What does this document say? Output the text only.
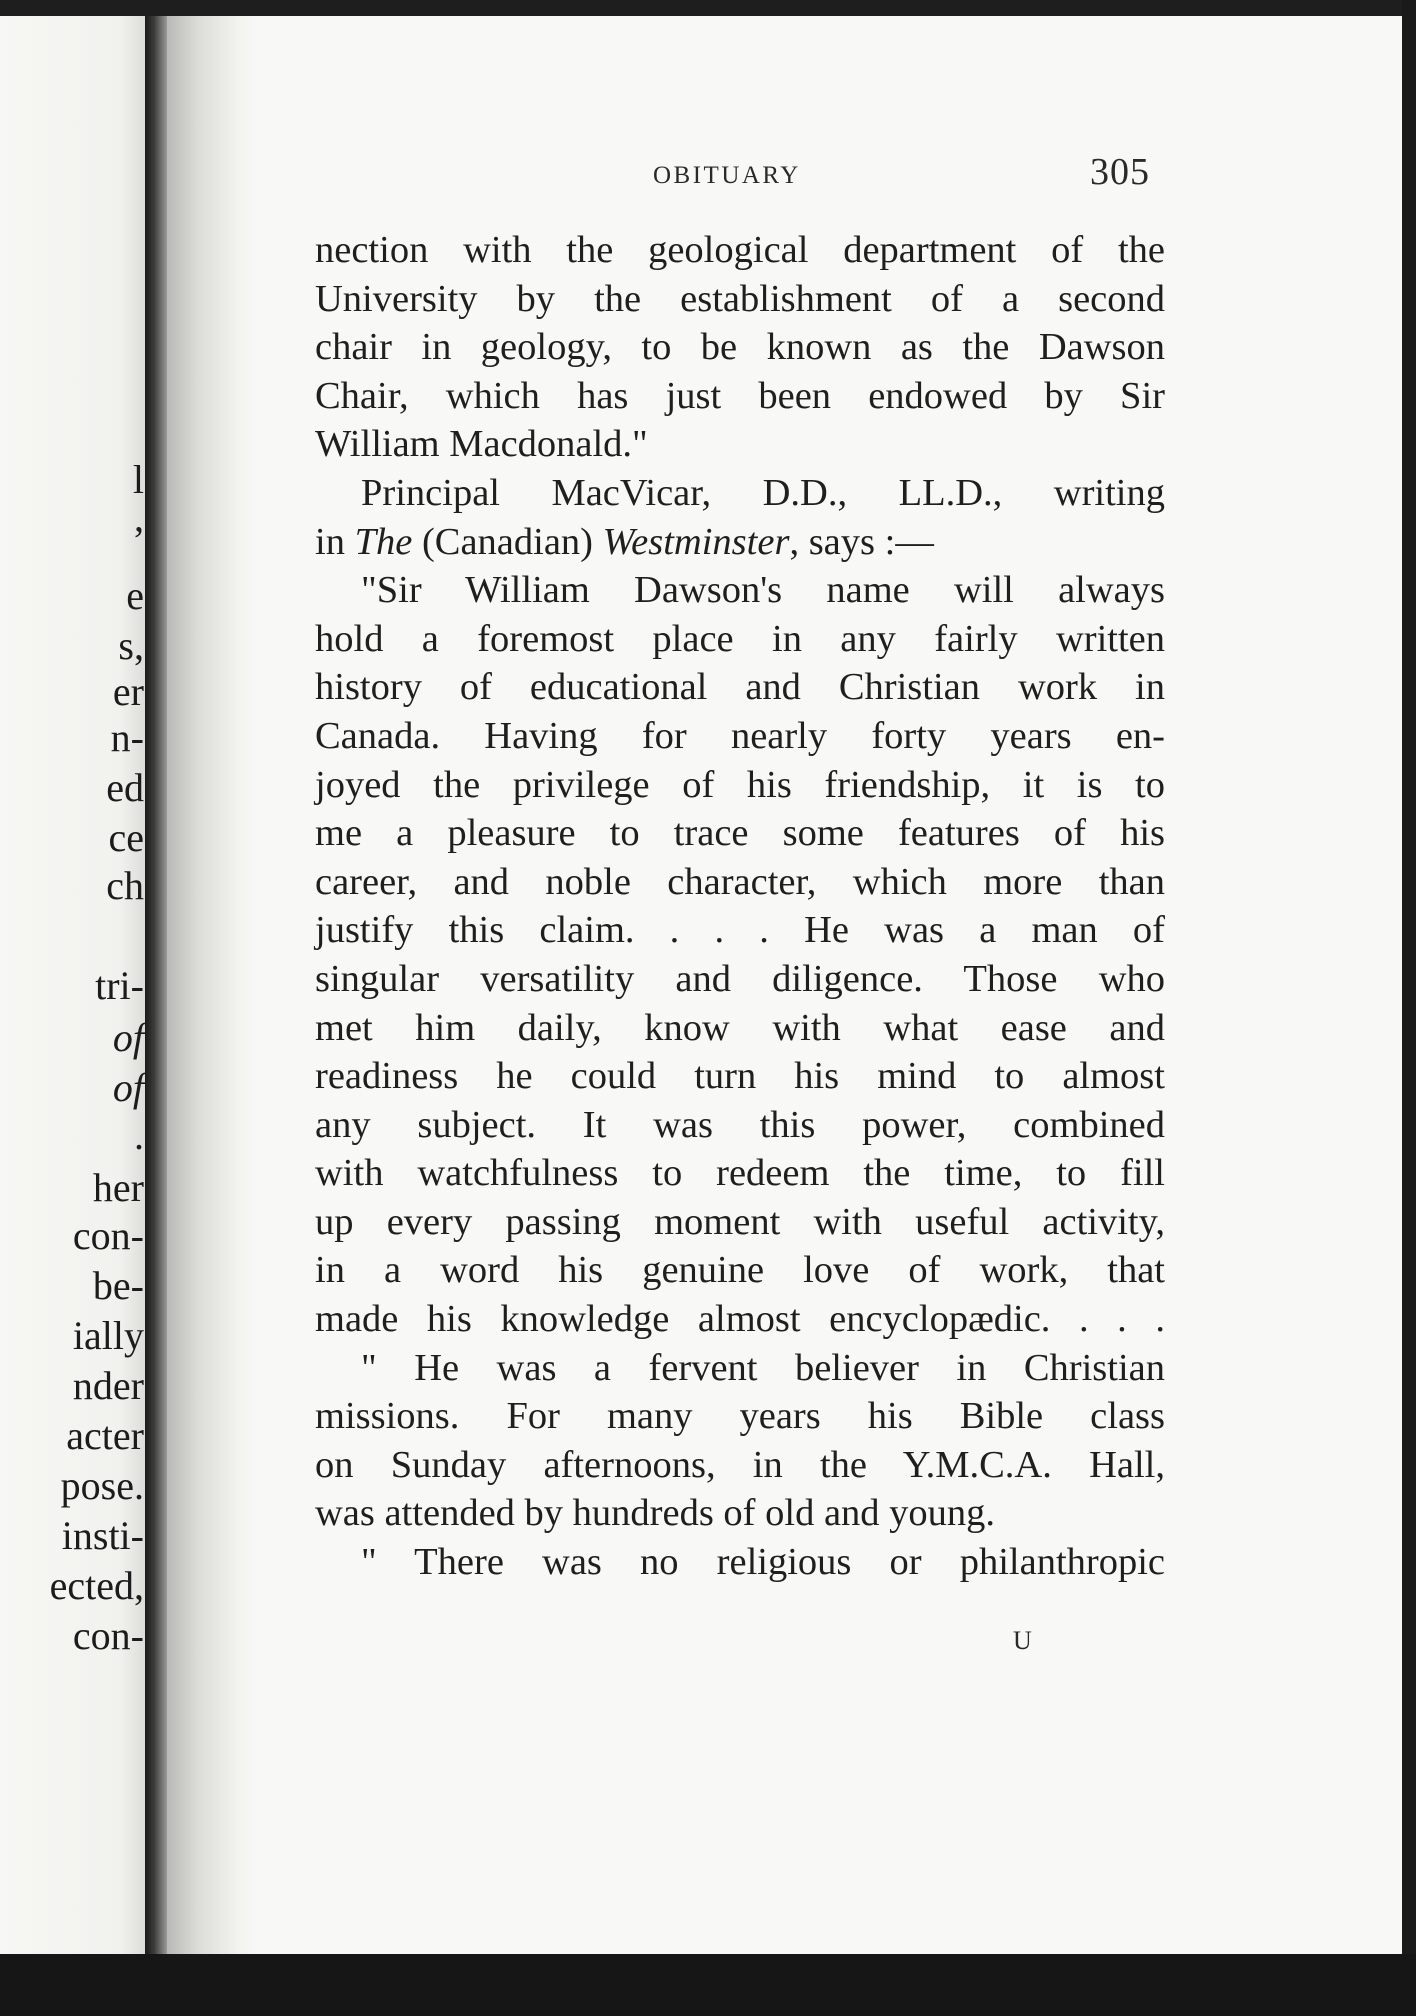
l
,
e
s,
er
n-
ed
ce
ch
tri-
of
of
.
her
con-
be-
ially
nder
acter
pose.
insti-
ected,
con-
OBITUARY	305
nection with the geological department of the
University by the establishment of a second
chair in geology, to be known as the Dawson
Chair, which has just been endowed by Sir
William Macdonald."
Principal MacVicar, D.D., LL.D., writing
in The (Canadian) Westminster, says :—
"Sir William Dawson's name will always
hold a foremost place in any fairly written
history of educational and Christian work in
Canada. Having for nearly forty years en-
joyed the privilege of his friendship, it is to
me a pleasure to trace some features of his
career, and noble character, which more than
justify this claim. . . . He was a man of
singular versatility and diligence. Those who
met him daily, know with what ease and
readiness he could turn his mind to almost
any subject. It was this power, combined
with watchfulness to redeem the time, to fill
up every passing moment with useful activity,
in a word his genuine love of work, that
made his knowledge almost encyclopædic. . . .
" He was a fervent believer in Christian
missions. For many years his Bible class
on Sunday afternoons, in the Y.M.C.A. Hall,
was attended by hundreds of old and young.
" There was no religious or philanthropic
U
